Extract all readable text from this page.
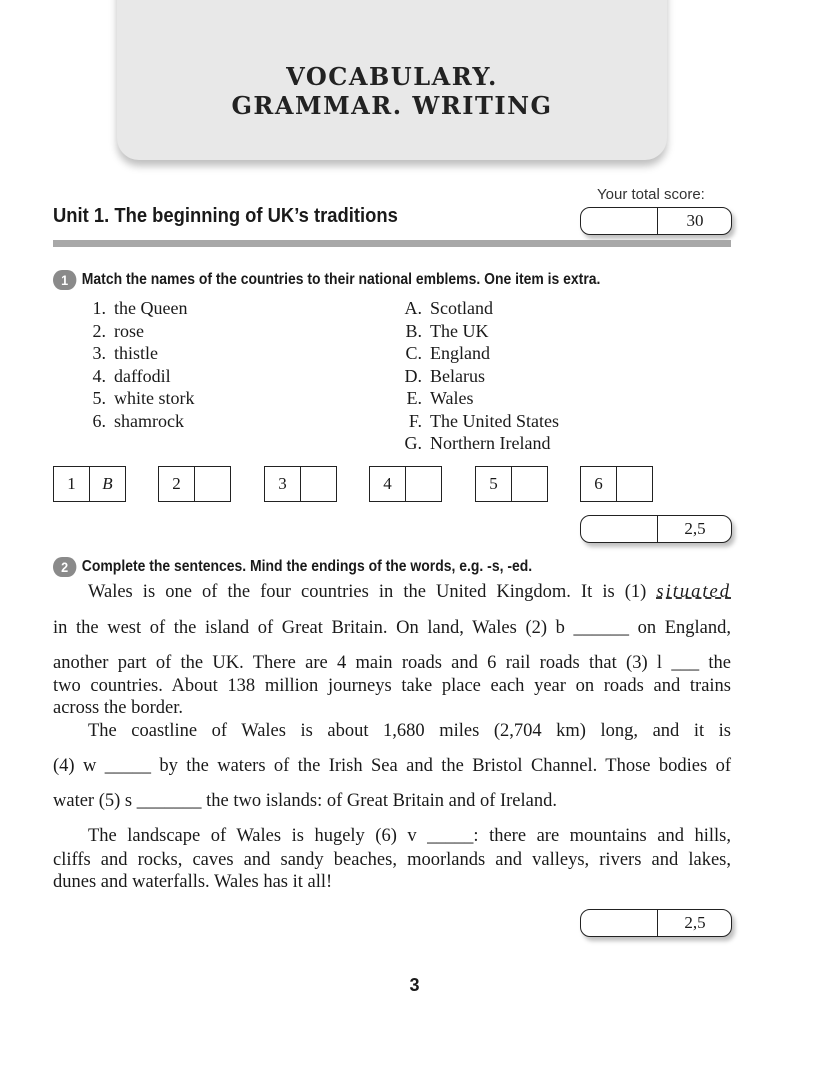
VOCABULARY.
GRAMMAR. WRITING
Unit 1. The beginning of UK’s traditions
Your total score:
30
1 Match the names of the countries to their national emblems. One item is extra.
1. the Queen
2. rose
3. thistle
4. daffodil
5. white stork
6. shamrock
A. Scotland
B. The UK
C. England
D. Belarus
E. Wales
F. The United States
G. Northern Ireland
1	B	2	3	4	5	6
2,5
2 Complete the sentences. Mind the endings of the words, e.g. -s, -ed.
Wales is one of the four countries in the United Kingdom. It is (1) situated
in the west of the island of Great Britain. On land, Wales (2) b ______ on England,
another part of the UK. There are 4 main roads and 6 rail roads that (3) l ___ the
two countries. About 138 million journeys take place each year on roads and trains
across the border.
The coastline of Wales is about 1,680 miles (2,704 km) long, and it is
(4) w _____ by the waters of the Irish Sea and the Bristol Channel. Those bodies of
water (5) s _______ the two islands: of Great Britain and of Ireland.
The landscape of Wales is hugely (6) v _____: there are mountains and hills,
cliffs and rocks, caves and sandy beaches, moorlands and valleys, rivers and lakes,
dunes and waterfalls. Wales has it all!
2,5
3
